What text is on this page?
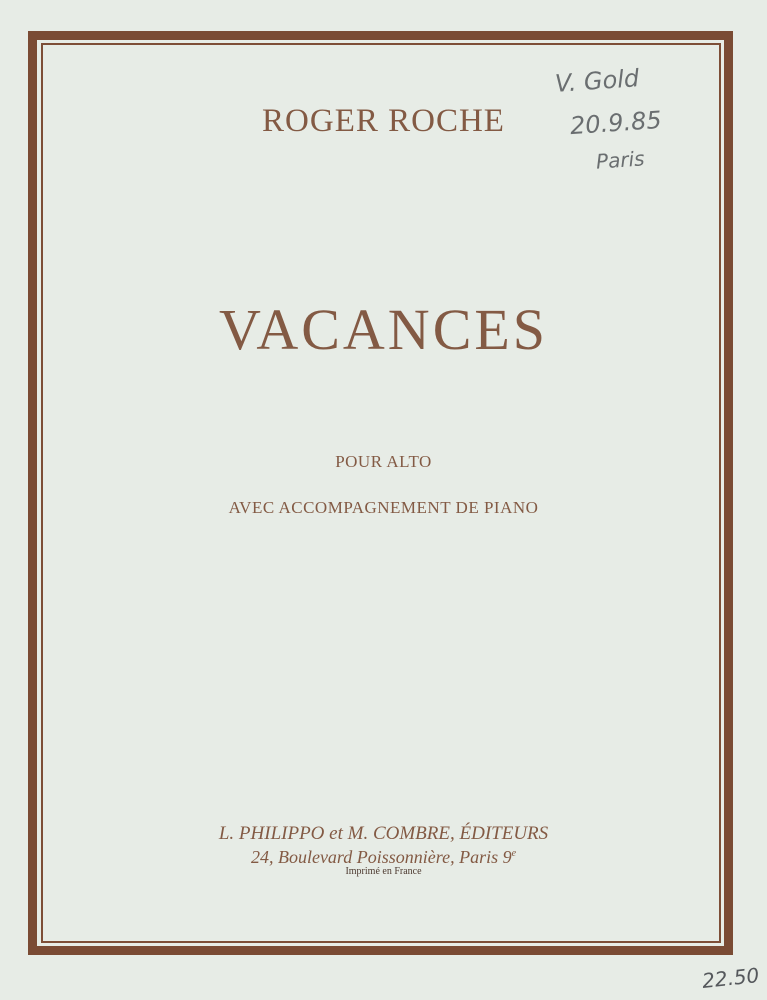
ROGER ROCHE
VACANCES
POUR ALTO
AVEC ACCOMPAGNEMENT DE PIANO
L. PHILIPPO et M. COMBRE, ÉDITEURS
24, Boulevard Poissonnière, Paris 9e
Imprimé en France
V. Gold
20.9.85
Paris
22.50
